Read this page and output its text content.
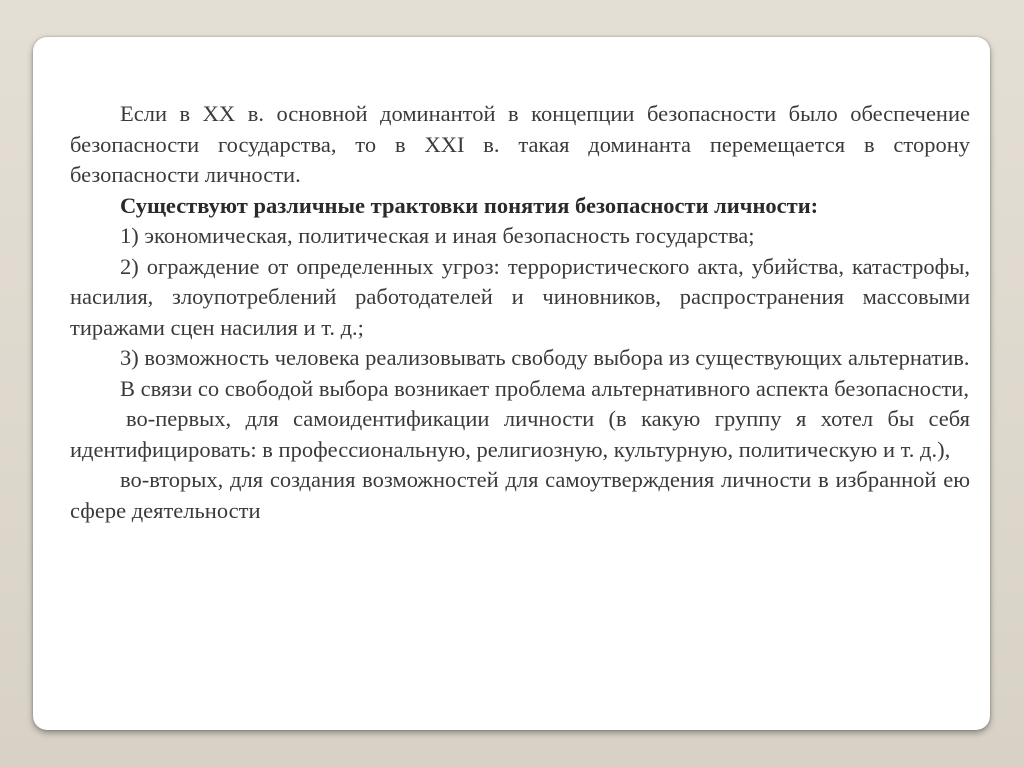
Если в XX в. основной доминантой в концепции безопасности было обеспечение безопасности государства, то в XXI в. такая доминанта перемещается в сторону безопасности личности.

Существуют различные трактовки понятия безопасности личности:

1) экономическая, политическая и иная безопасность государства;

2) ограждение от определенных угроз: террористического акта, убийства, катастрофы, насилия, злоупотреблений работодателей и чиновников, распространения массовыми тиражами сцен насилия и т. д.;

3) возможность человека реализовывать свободу выбора из существующих альтернатив.

В связи со свободой выбора возникает проблема альтернативного аспекта безопасности,

во-первых, для самоидентификации личности (в какую группу я хотел бы себя идентифицировать: в профессиональную, религиозную, культурную, политическую и т. д.),

во-вторых, для создания возможностей для самоутверждения личности в избранной ею сфере деятельности
